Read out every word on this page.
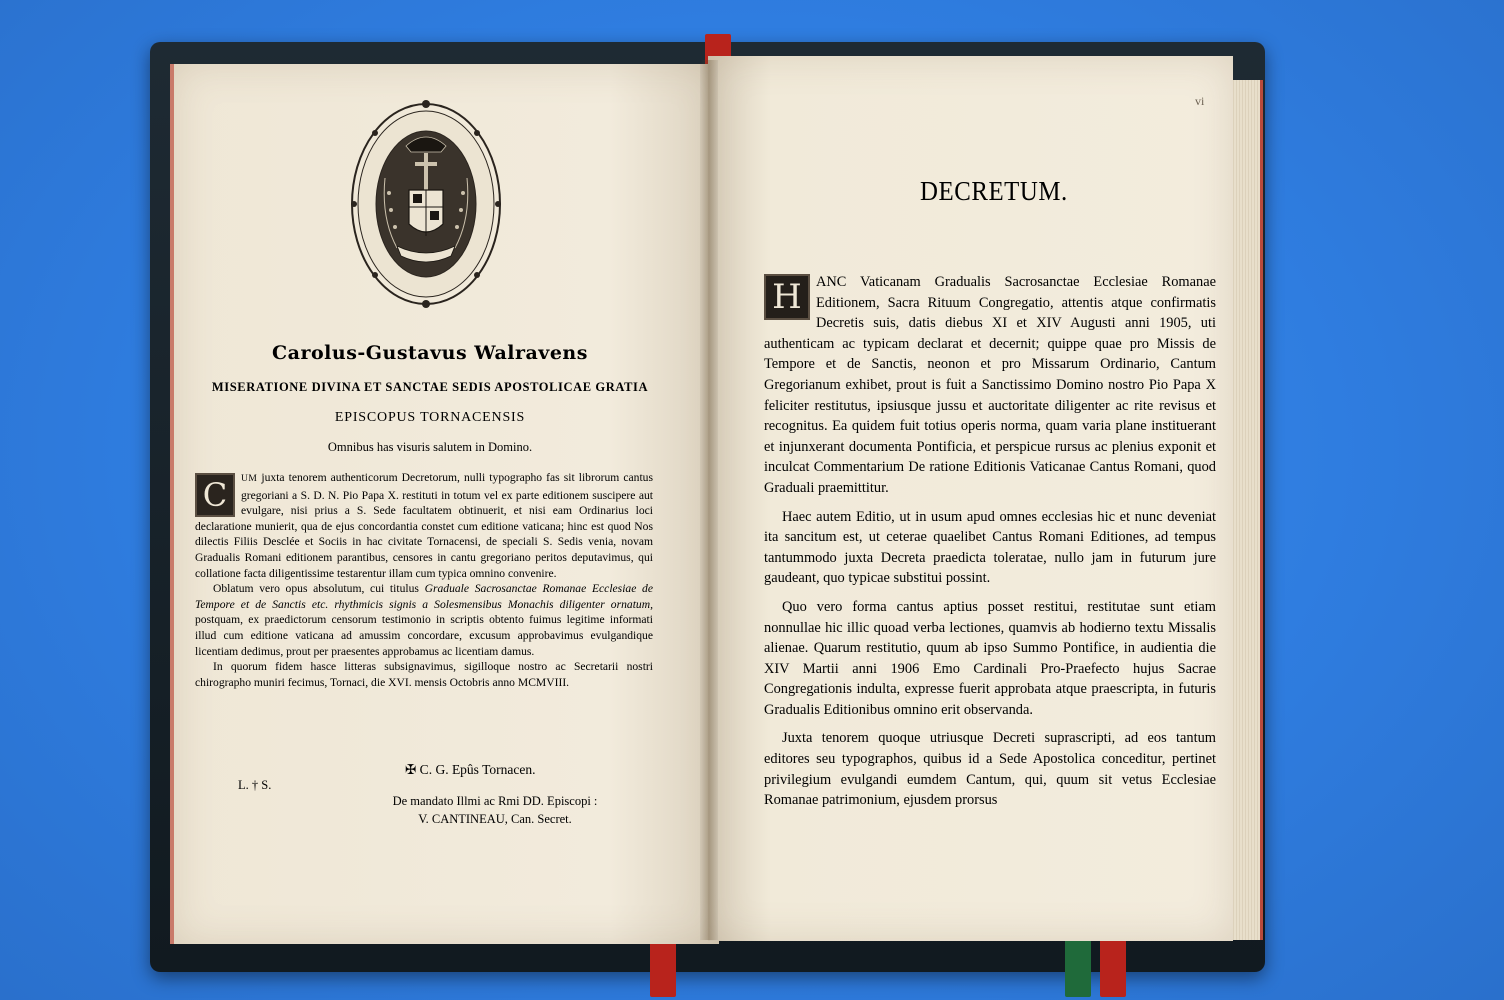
Carolus-Gustavus Walravens
MISERATIONE DIVINA ET SANCTAE SEDIS APOSTOLICAE GRATIA
EPISCOPUS TORNACENSIS
Omnibus has visuris salutem in Domino.

C	UM juxta tenorem authenticorum Decretorum, nulli typographo fas sit librorum cantus gregoriani a S. D. N. Pio Papa X. restituti in totum vel ex parte editionem suscipere aut evulgare, nisi prius a S. Sede facultatem obtinuerit, et nisi eam Ordinarius loci declaratione munierit, qua de ejus concordantia constet cum editione vaticana; hinc est quod Nos dilectis Filiis Desclée et Sociis in hac civitate Tornacensi, de speciali S. Sedis venia, novam Gradualis Romani editionem parantibus, censores in cantu gregoriano peritos deputavimus, qui collatione facta diligentissime testarentur illam cum typica omnino convenire.

Oblatum vero opus absolutum, cui titulus Graduale Sacrosanctae Romanae Ecclesiae de Tempore et de Sanctis etc. rhythmicis signis a Solesmensibus Monachis diligenter ornatum, postquam, ex praedictorum censorum testimonio in scriptis obtento fuimus legitime informati illud cum editione vaticana ad amussim concordare, excusum approbavimus evulgandique licentiam dedimus, prout per praesentes approbamus ac licentiam damus.

In quorum fidem hasce litteras subsignavimus, sigilloque nostro ac Secretarii nostri chirographo muniri fecimus, Tornaci, die XVI. mensis Octobris anno MCMVIII.

✠ C. G. Epûs Tornacen.
L. † S.
De mandato Illmi ac Rmi DD. Episcopi :
V. CANTINEAU, Can. Secret.
vi
DECRETUM.

H ANC Vaticanam Gradualis Sacrosanctae Ecclesiae Romanae Editionem, Sacra Rituum Congregatio, attentis atque confirmatis Decretis suis, datis diebus XI et XIV Augusti anni 1905, uti authenticam ac typicam declarat et decernit; quippe quae pro Missis de Tempore et de Sanctis, neonon et pro Missarum Ordinario, Cantum Gregorianum exhibet, prout is fuit a Sanctissimo Domino nostro Pio Papa X feliciter restitutus, ipsiusque jussu et auctoritate diligenter ac rite revisus et recognitus. Ea quidem fuit totius operis norma, quam varia plane instituerant et injunxerant documenta Pontificia, et perspicue rursus ac plenius exponit et inculcat Commentarium De ratione Editionis Vaticanae Cantus Romani, quod Graduali praemittitur.

Haec autem Editio, ut in usum apud omnes ecclesias hic et nunc deveniat ita sancitum est, ut ceterae quaelibet Cantus Romani Editiones, ad tempus tantummodo juxta Decreta praedicta toleratae, nullo jam in futurum jure gaudeant, quo typicae substitui possint.

Quo vero forma cantus aptius posset restitui, restitutae sunt etiam nonnullae hic illic quoad verba lectiones, quamvis ab hodierno textu Missalis alienae. Quarum restitutio, quum ab ipso Summo Pontifice, in audientia die XIV Martii anni 1906 Emo Cardinali Pro-Praefecto hujus Sacrae Congregationis indulta, expresse fuerit approbata atque praescripta, in futuris Gradualis Editionibus omnino erit observanda.

Juxta tenorem quoque utriusque Decreti suprascripti, ad eos tantum editores seu typographos, quibus id a Sede Apostolica conceditur, pertinet privilegium evulgandi eumdem Cantum, qui, quum sit vetus Ecclesiae Romanae patrimonium, ejusdem prorsus
